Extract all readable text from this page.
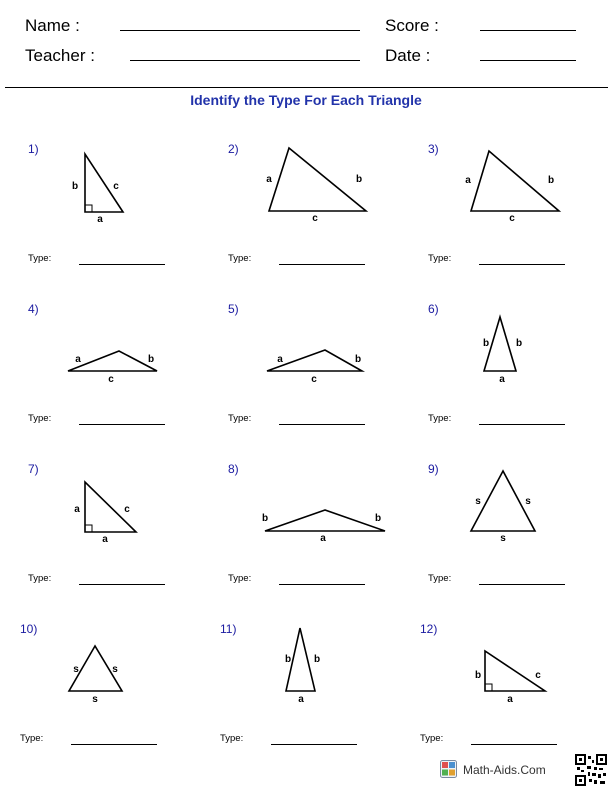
Name :
Teacher :
Score :
Date :
Identify the Type For Each Triangle
1)
b	c
a
Type:
2)
a	b
c
Type:
3)
a	b
c
Type:
4)
a	b
c
Type:
5)
a	b
c
Type:
6)
b	b
a
Type:
7)
a	c
a
Type:
8)
b	b
a
Type:
9)
s	s
s
Type:
10)
s	s
s
Type:
11)
b b
a
Type:
12)
b	c
a
Type:
Math-Aids.Com
